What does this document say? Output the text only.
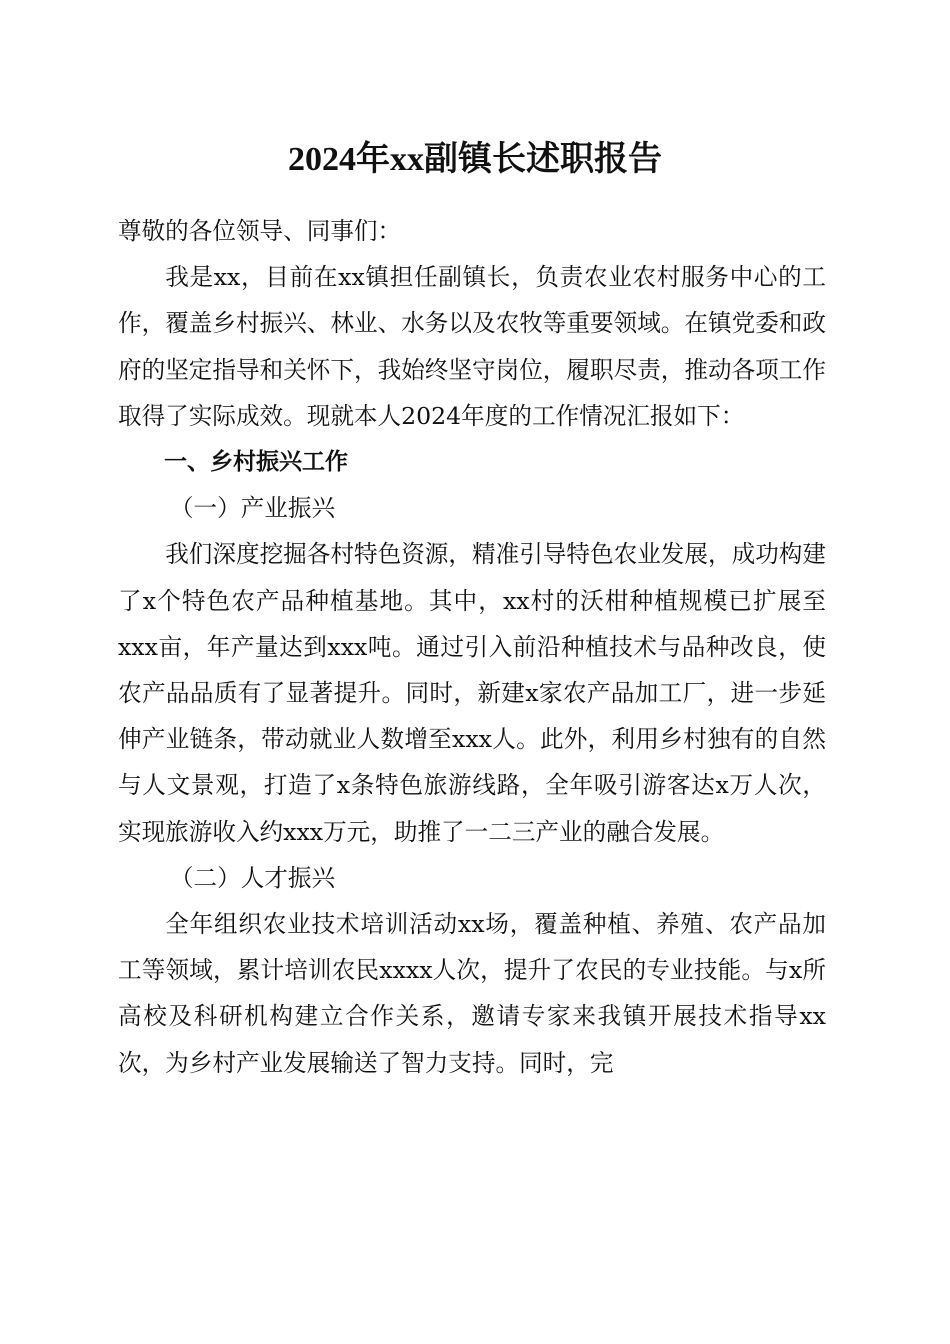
2024年xx副镇长述职报告

尊敬的各位领导、同事们：

我是xx，目前在xx镇担任副镇长，负责农业农村服务中心的工作，覆盖乡村振兴、林业、水务以及农牧等重要领域。在镇党委和政府的坚定指导和关怀下，我始终坚守岗位，履职尽责，推动各项工作取得了实际成效。现就本人2024年度的工作情况汇报如下：

一、乡村振兴工作

（一）产业振兴

我们深度挖掘各村特色资源，精准引导特色农业发展，成功构建了x个特色农产品种植基地。其中，xx村的沃柑种植规模已扩展至xxx亩，年产量达到xxx吨。通过引入前沿种植技术与品种改良，使农产品品质有了显著提升。同时，新建x家农产品加工厂，进一步延伸产业链条，带动就业人数增至xxx人。此外，利用乡村独有的自然与人文景观，打造了x条特色旅游线路，全年吸引游客达x万人次，实现旅游收入约xxx万元，助推了一二三产业的融合发展。

（二）人才振兴

全年组织农业技术培训活动xx场，覆盖种植、养殖、农产品加工等领域，累计培训农民xxxx人次，提升了农民的专业技能。与x所高校及科研机构建立合作关系，邀请专家来我镇开展技术指导xx次，为乡村产业发展输送了智力支持。同时，完
